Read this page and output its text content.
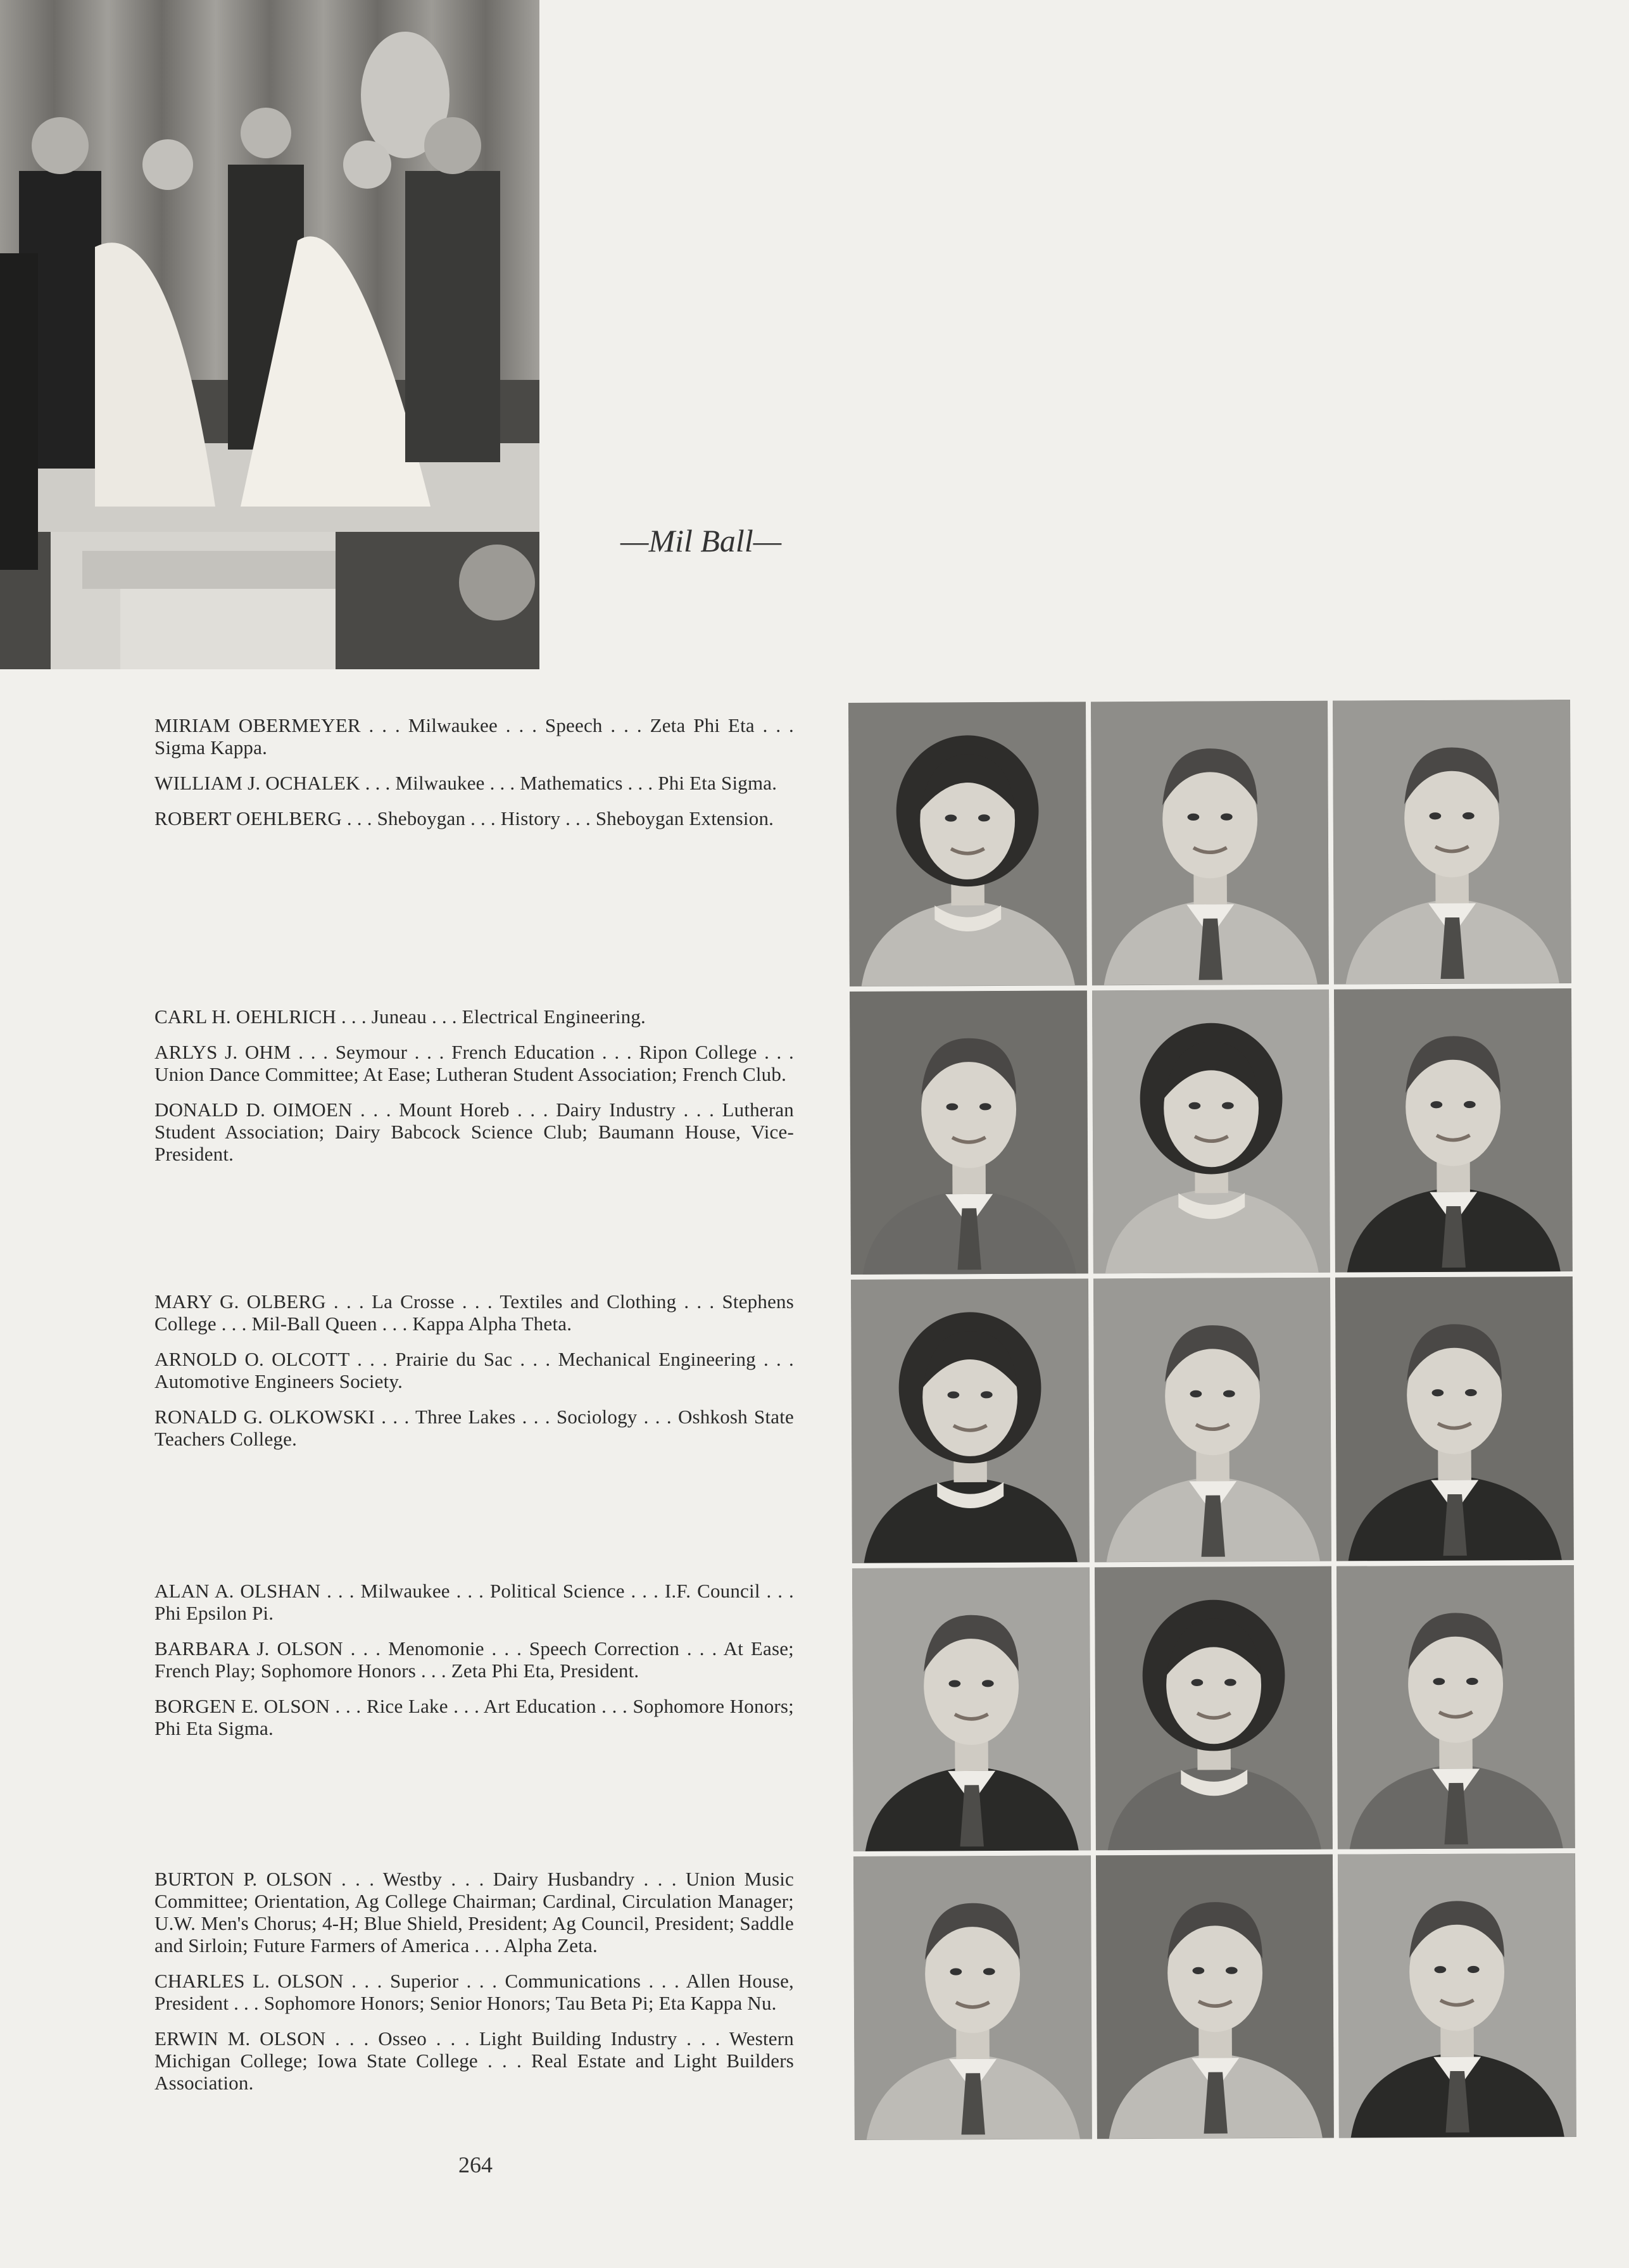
—Mil Ball—

MIRIAM OBERMEYER . . . Milwaukee . . . Speech . . . Zeta Phi Eta . . . Sigma Kappa.

WILLIAM J. OCHALEK . . . Milwaukee . . . Mathematics . . . Phi Eta Sigma.

ROBERT OEHLBERG . . . Sheboygan . . . History . . . Sheboygan Extension.

CARL H. OEHLRICH . . . Juneau . . . Electrical Engineering.

ARLYS J. OHM . . . Seymour . . . French Education . . . Ripon College . . . Union Dance Committee; At Ease; Lutheran Student Association; French Club.

DONALD D. OIMOEN . . . Mount Horeb . . . Dairy Industry . . . Lutheran Student Association; Dairy Babcock Science Club; Baumann House, Vice-President.

MARY G. OLBERG . . . La Crosse . . . Textiles and Clothing . . . Stephens College . . . Mil-Ball Queen . . . Kappa Alpha Theta.

ARNOLD O. OLCOTT . . . Prairie du Sac . . . Mechanical Engineering . . . Automotive Engineers Society.

RONALD G. OLKOWSKI . . . Three Lakes . . . Sociology . . . Oshkosh State Teachers College.

ALAN A. OLSHAN . . . Milwaukee . . . Political Science . . . I.F. Council . . . Phi Epsilon Pi.

BARBARA J. OLSON . . . Menomonie . . . Speech Correction . . . At Ease; French Play; Sophomore Honors . . . Zeta Phi Eta, President.

BORGEN E. OLSON . . . Rice Lake . . . Art Education . . . Sophomore Honors; Phi Eta Sigma.

BURTON P. OLSON . . . Westby . . . Dairy Husbandry . . . Union Music Committee; Orientation, Ag College Chairman; Cardinal, Circulation Manager; U.W. Men's Chorus; 4-H; Blue Shield, President; Ag Council, President; Saddle and Sirloin; Future Farmers of America . . . Alpha Zeta.

CHARLES L. OLSON . . . Superior . . . Communications . . . Allen House, President . . . Sophomore Honors; Senior Honors; Tau Beta Pi; Eta Kappa Nu.

ERWIN M. OLSON . . . Osseo . . . Light Building Industry . . . Western Michigan College; Iowa State College . . . Real Estate and Light Builders Association.

264
